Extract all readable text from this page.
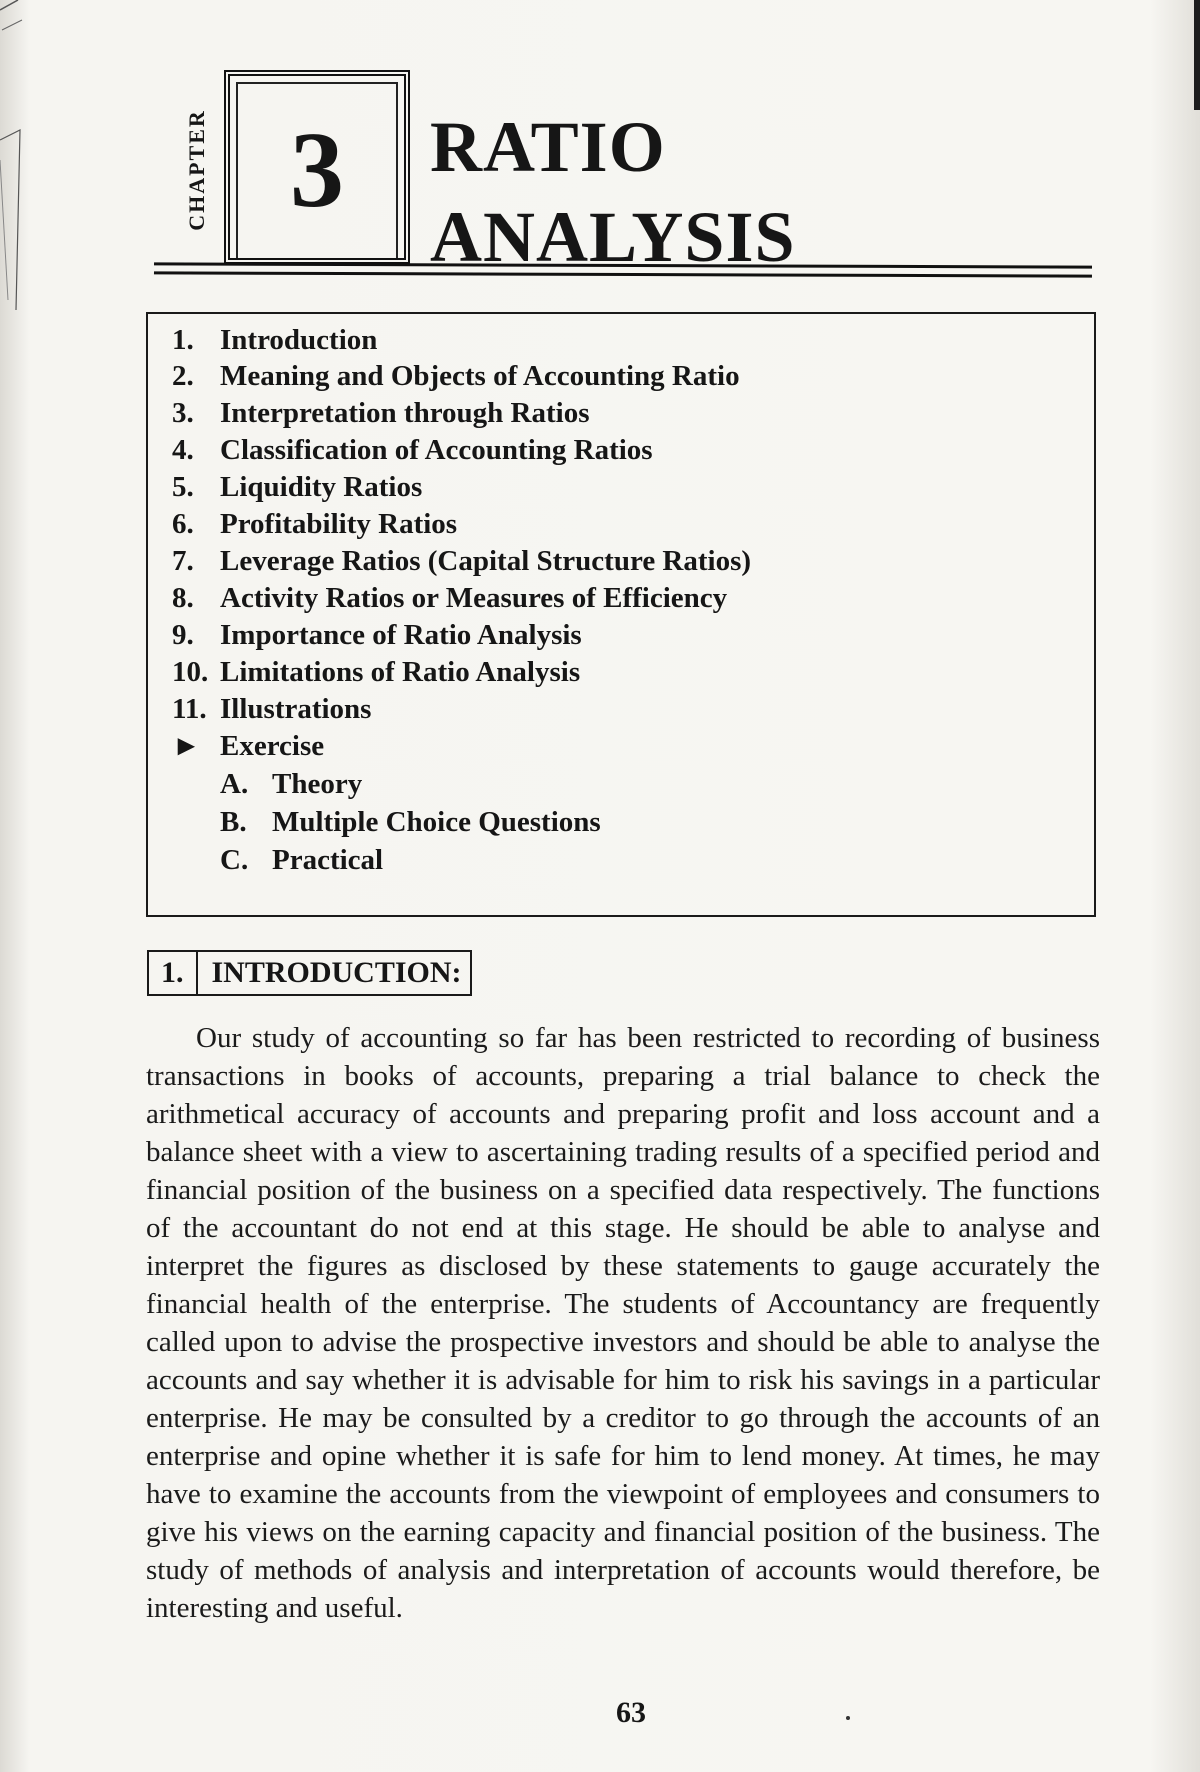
CHAPTER 3 RATIO
ANALYSIS
1. Introduction
2. Meaning and Objects of Accounting Ratio
3. Interpretation through Ratios
4. Classification of Accounting Ratios
5. Liquidity Ratios
6. Profitability Ratios
7. Leverage Ratios (Capital Structure Ratios)
8. Activity Ratios or Measures of Efficiency
9. Importance of Ratio Analysis
10. Limitations of Ratio Analysis
11. Illustrations
► Exercise
A. Theory
B. Multiple Choice Questions
C. Practical
1. INTRODUCTION:

Our study of accounting so far has been restricted to recording of business transactions in books of accounts, preparing a trial balance to check the arithmetical accuracy of accounts and preparing profit and loss account and a balance sheet with a view to ascertaining trading results of a specified period and financial position of the business on a specified data respectively. The functions of the accountant do not end at this stage. He should be able to analyse and interpret the figures as disclosed by these statements to gauge accurately the financial health of the enterprise. The students of Accountancy are frequently called upon to advise the prospective investors and should be able to analyse the accounts and say whether it is advisable for him to risk his savings in a particular enterprise. He may be consulted by a creditor to go through the accounts of an enterprise and opine whether it is safe for him to lend money. At times, he may have to examine the accounts from the viewpoint of employees and consumers to give his views on the earning capacity and financial position of the business. The study of methods of analysis and interpretation of accounts would therefore, be interesting and useful.

63
